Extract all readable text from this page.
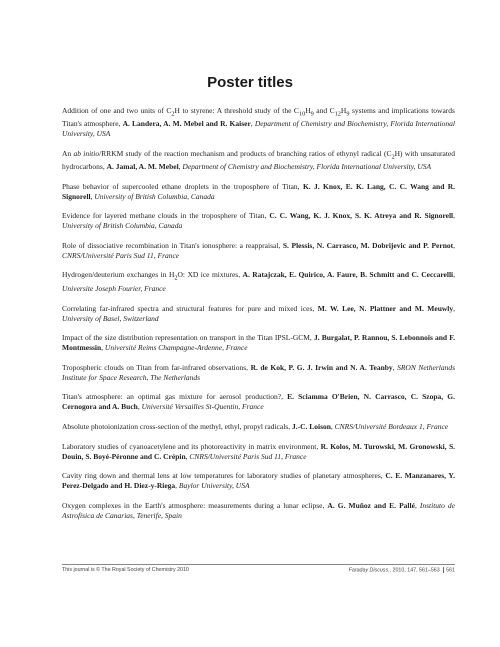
Poster titles

Addition of one and two units of $C_2H$ to styrene: A threshold study of the $C_{10}H_9$ and $C_{12}H_9$ systems and implications towards Titan's atmosphere, A. Landera, A. M. Mebel and R. Kaiser, Department of Chemistry and Biochemistry, Florida International University, USA

An ab initio/RRKM study of the reaction mechanism and products of branching ratios of ethynyl radical $(C_2H)$ with unsaturated hydrocarbons, A. Jamal, A. M. Mebel, Department of Chemistry and Biochemistry, Florida International University, USA

Phase behavior of supercooled ethane droplets in the troposphere of Titan, K. J. Knox, E. K. Lang, C. C. Wang and R. Signorell, University of British Columbia, Canada

Evidence for layered methane clouds in the troposphere of Titan, C. C. Wang, K. J. Knox, S. K. Atreya and R. Signorell, University of British Columbia, Canada

Role of dissociative recombination in Titan's ionosphere: a reappraisal, S. Plessis, N. Carrasco, M. Dobrijevic and P. Pernot, CNRS/Université Paris Sud 11, France

Hydrogen/deuterium exchanges in $H_2O$: XD ice mixtures, A. Ratajczak, E. Quirico, A. Faure, B. Schmitt and C. Ceccarelli, Universite Joseph Fourier, France

Correlating far-infrared spectra and structural features for pure and mixed ices, M. W. Lee, N. Plattner and M. Meuwly, University of Basel, Switzerland

Impact of the size distribution representation on transport in the Titan IPSL-GCM, J. Burgalat, P. Rannou, S. Lebonnois and F. Montmessin, Université Reims Champagne-Ardenne, France

Tropospheric clouds on Titan from far-infrared observations, R. de Kok, P. G. J. Irwin and N. A. Teanby, SRON Netherlands Institute for Space Research, The Netherlands

Titan's atmosphere: an optimal gas mixture for aerosol production?, E. Sciamma O'Brien, N. Carrasco, C. Szopa, G. Cernogora and A. Buch, Université Versailles St-Quentin, France

Absolute photoionization cross-section of the methyl, ethyl, propyl radicals, J.-C. Loison, CNRS/Université Bordeaux 1, France

Laboratory studies of cyanoacetylene and its photoreactivity in matrix environment, R. Kolos, M. Turowski, M. Gronowski, S. Douin, S. Boyé-Péronne and C. Crépin, CNRS/Université Paris Sud 11, France

Cavity ring down and thermal lens at low temperatures for laboratory studies of planetary atmospheres, C. E. Manzanares, Y. Perez-Delgado and H. Diez-y-Riega, Baylor University, USA

Oxygen complexes in the Earth's atmosphere: measurements during a lunar eclipse, A. G. Muñoz and E. Pallé, Instituto de Astrofísica de Canarias, Tenerife, Spain

This journal is © The Royal Society of Chemistry 2010	Faraday Discuss., 2010, 147, 561–563 561
